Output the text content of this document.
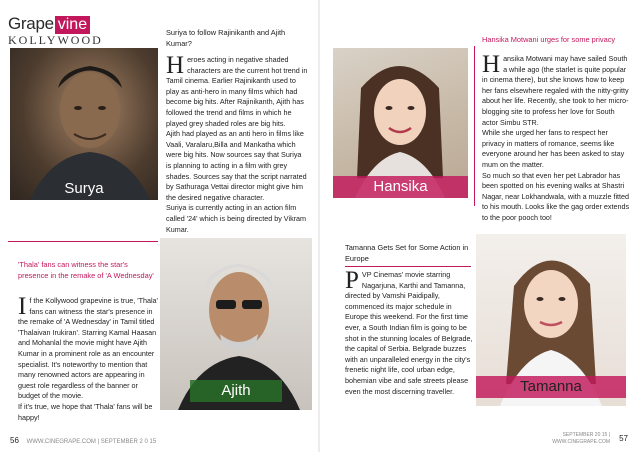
Grape vine
KOLLYWOOD
Surya
Suriya to follow Rajinikanth and Ajith Kumar?
H eroes acting in negative shaded characters are the current hot trend in Tamil cinema. Earlier Rajinikanth used to play as anti-hero in many films which had become big hits. After Rajinikanth, Ajith has followed the trend and films in which he played grey shaded roles are big hits.
Ajith had played as an anti hero in films like Vaali, Varalaru,Billa and Mankatha which were big hits. Now sources say that Suriya is planning to acting in a film with grey shades. Sources say that the script narrated by Sathuraga Vettai director might give him the desired negative character.
Suriya is currently acting in an action film called '24' which is being directed by Vikram Kumar.
Hansika
Hansika Motwani urges for some privacy
H ansika Motwani may have sailed South a while ago (the starlet is quite popular in cinema there), but she knows how to keep her fans elsewhere regaled with the nitty-gritty about her life. Recently, she took to her micro-blogging site to profess her love for South actor Simbu STR.
While she urged her fans to respect her privacy in matters of romance, seems like everyone around her has been asked to stay mum on the matter.
So much so that even her pet Labrador has been spotted on his evening walks at Shastri Nagar, near Lokhandwala, with a muzzle fitted to his mouth. Looks like the gag order extends to the poor pooch too!
'Thala' fans can witness the star's presence in the remake of 'A Wednesday'
I f the Kollywood grapevine is true, 'Thala' fans can witness the star's presence in the remake of 'A Wednesday' in Tamil titled 'Thalaivan Irukiran'. Starring Kamal Haasan and Mohanlal the movie might have Ajith Kumar in a prominent role as an encounter specialist. It's noteworthy to mention that many renowned actors are appearing in guest role regardless of the banner or budget of the movie.
If it's true, we hope that 'Thala' fans will be happy!
Ajith
Tamanna Gets Set for Some Action in Europe
P VP Cinemas' movie starring Nagarjuna, Karthi and Tamanna, directed by Vamshi Paidipally, commenced its major schedule in Europe this weekend. For the first time ever, a South Indian film is going to be shot in the stunning locales of Belgrade, the capital of Serbia. Belgrade buzzes with an unparalleled energy in the city's frenetic night life, cool urban edge, bohemian vibe and safe streets please even the most discerning traveller.	Tamanna
56 WWW.CINEGRAPE.COM | SEPTEMBER 2 0 15
SEPTEMBER 20 15 |
WWW.CINEGRAPE.COM 57
